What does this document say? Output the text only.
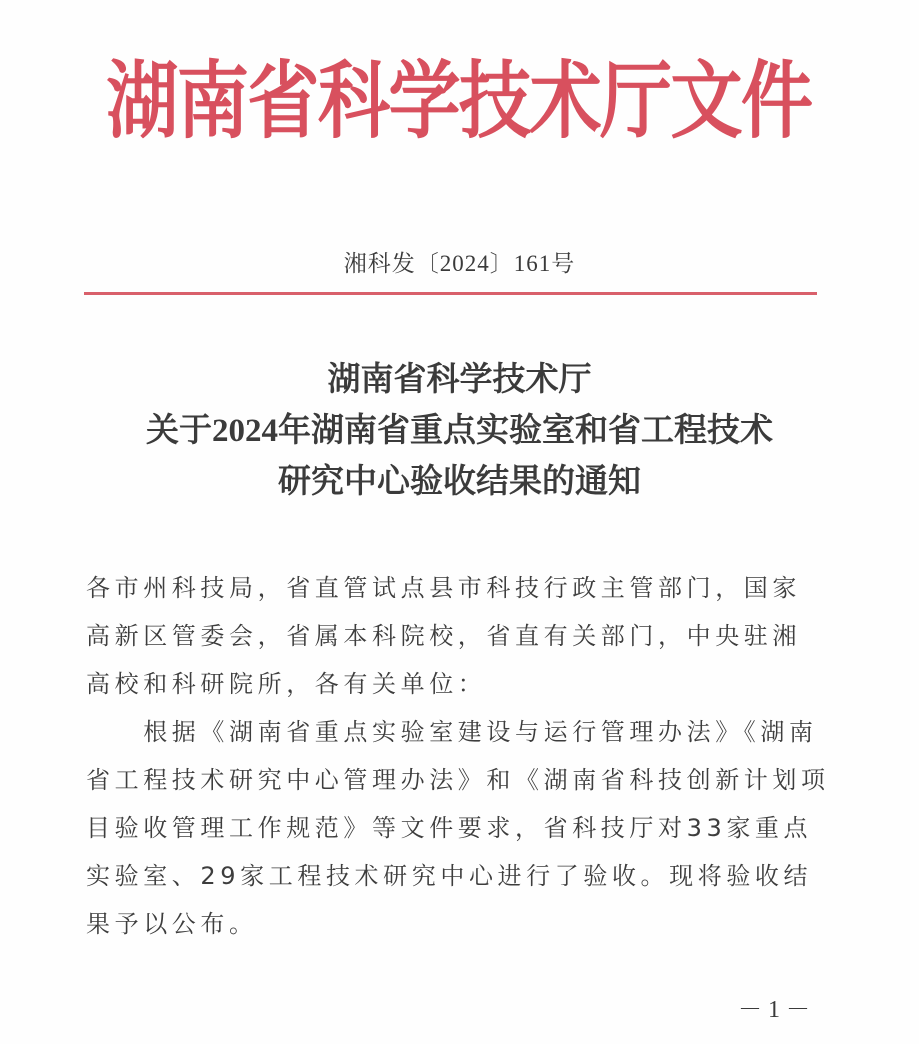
湖南省科学技术厅文件
湘科发〔2024〕161号
湖南省科学技术厅
关于2024年湖南省重点实验室和省工程技术
研究中心验收结果的通知
各市州科技局，省直管试点县市科技行政主管部门，国家
高新区管委会，省属本科院校，省直有关部门，中央驻湘
高校和科研院所，各有关单位：
　　根据《湖南省重点实验室建设与运行管理办法》《湖南
省工程技术研究中心管理办法》和《湖南省科技创新计划项
目验收管理工作规范》等文件要求，省科技厅对33家重点
实验室、29家工程技术研究中心进行了验收。现将验收结
果予以公布。
－ 1 －
